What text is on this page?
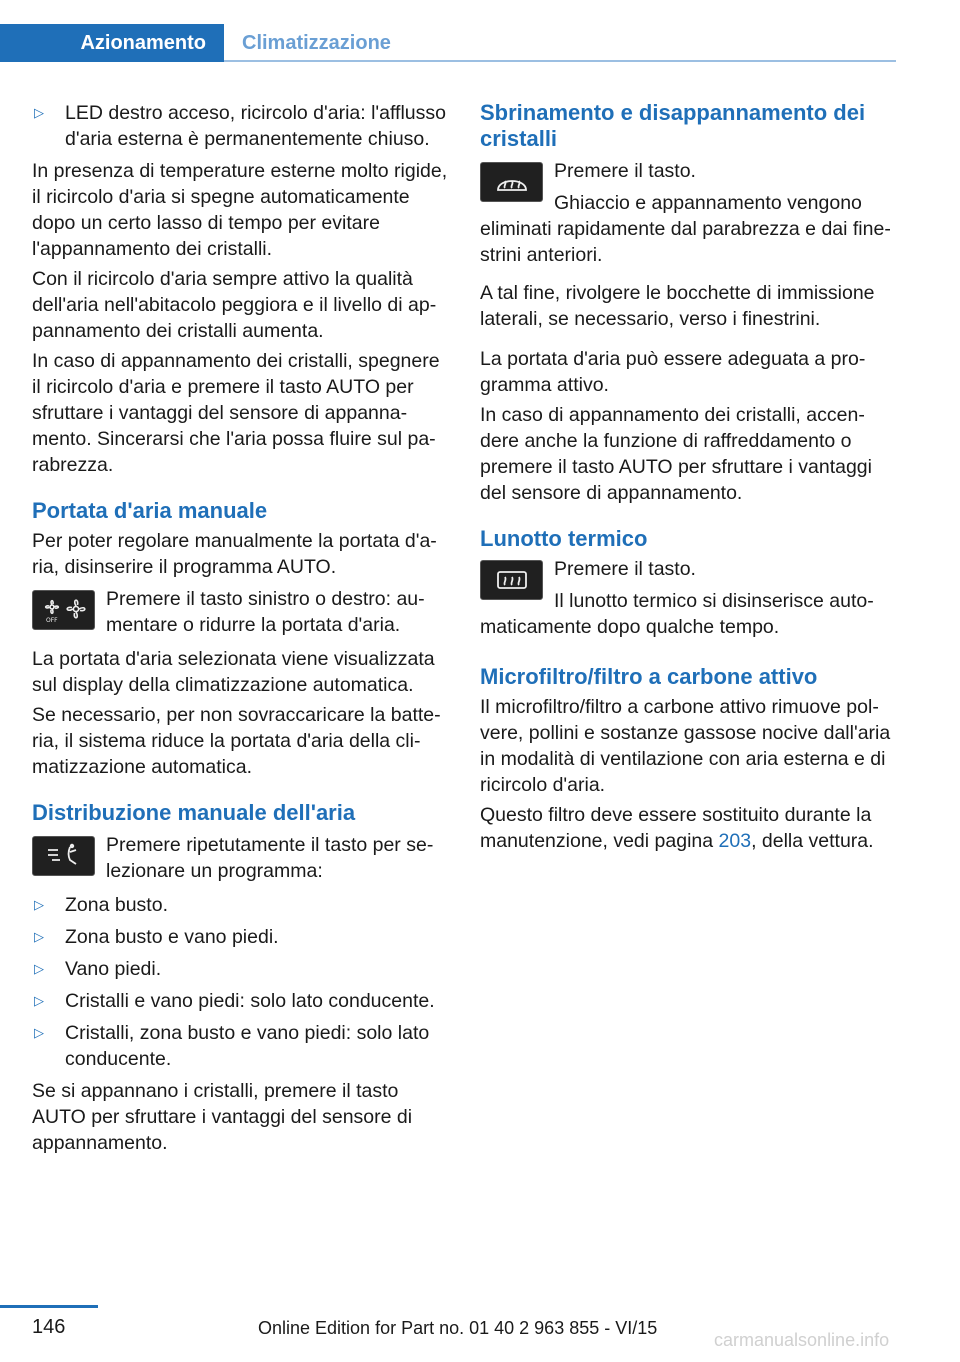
Azionamento	Climatizzazione
▷	LED destro acceso, ricircolo d'aria: l'afflusso d'aria esterna è permanentemente chiuso.

In presenza di temperature esterne molto rigide, il ricircolo d'aria si spegne automaticamente dopo un certo lasso di tempo per evitare l'appannamento dei cristalli.

Con il ricircolo d'aria sempre attivo la qualità dell'aria nell'abitacolo peggiora e il livello di appannamento dei cristalli aumenta.

In caso di appannamento dei cristalli, spegnere il ricircolo d'aria e premere il tasto AUTO per sfruttare i vantaggi del sensore di appannamento. Sincerarsi che l'aria possa fluire sul parabrezza.

Portata d'aria manuale

Per poter regolare manualmente la portata d'aria, disinserire il programma AUTO.

OFF
Premere il tasto sinistro o destro: aumentare o ridurre la portata d'aria.

La portata d'aria selezionata viene visualizzata sul display della climatizzazione automatica.

Se necessario, per non sovraccaricare la batteria, il sistema riduce la portata d'aria della climatizzazione automatica.

Distribuzione manuale dell'aria
Premere ripetutamente il tasto per selezionare un programma:
▷	Zona busto.
▷	Zona busto e vano piedi.
▷	Vano piedi.
▷	Cristalli e vano piedi: solo lato conducente.
▷	Cristalli, zona busto e vano piedi: solo lato conducente.

Se si appannano i cristalli, premere il tasto AUTO per sfruttare i vantaggi del sensore di appannamento.

Sbrinamento e disappannamento dei cristalli
Premere il tasto.

Ghiaccio e appannamento vengono eliminati rapidamente dal parabrezza e dai finestrini anteriori.

A tal fine, rivolgere le bocchette di immissione laterali, se necessario, verso i finestrini.

La portata d'aria può essere adeguata a programma attivo.

In caso di appannamento dei cristalli, accendere anche la funzione di raffreddamento o premere il tasto AUTO per sfruttare i vantaggi del sensore di appannamento.

Lunotto termico
Premere il tasto.

Il lunotto termico si disinserisce automaticamente dopo qualche tempo.

Microfiltro/filtro a carbone attivo

Il microfiltro/filtro a carbone attivo rimuove polvere, pollini e sostanze gassose nocive dall'aria in modalità di ventilazione con aria esterna e di ricircolo d'aria.

Questo filtro deve essere sostituito durante la manutenzione, vedi pagina 203, della vettura.

146	Online Edition for Part no. 01 40 2 963 855 - VI/15
carmanualsonline.info
